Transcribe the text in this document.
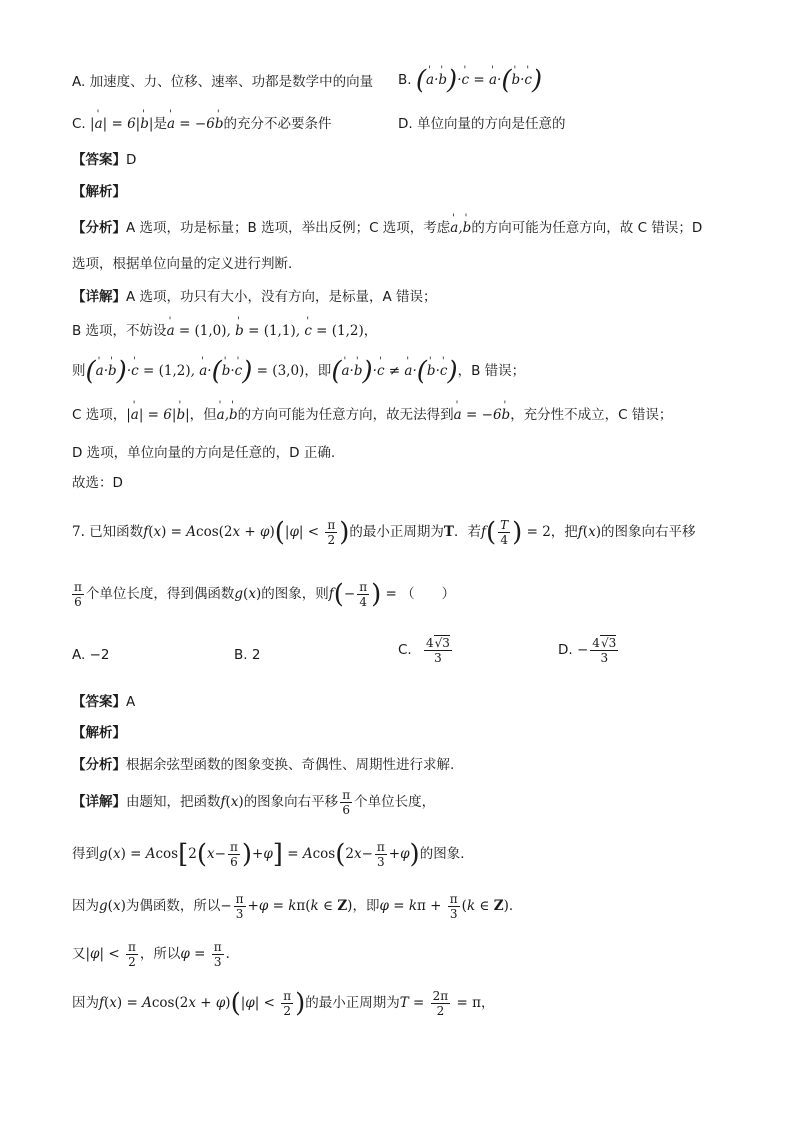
A. 加速度、力、位移、速率、功都是数学中的向量 B. (' a·' b)·' c = ' a·(' b·' c)
C. |' a| = 6|' b|是' a = −6' b的充分不必要条件	D. 单位向量的方向是任意的
【答案】D
【解析】
【分析】A 选项，功是标量；B 选项，举出反例；C 选项，考虑' a,' b的方向可能为任意方向，故 C 错误；D
选项，根据单位向量的定义进行判断.
【详解】A 选项，功只有大小，没有方向，是标量，A 错误；
B 选项，不妨设' a = (1,0), ' b = (1,1), ' c = (1,2)，
则(' a·' b)·' c = (1,2), ' a·(' b·' c) = (3,0)，即(' a·' b)·' c ≠ ' a·(' b·' c)，B 错误；
C 选项，|' a| = 6|' b|，但' a,' b的方向可能为任意方向，故无法得到' a = −6' b，充分性不成立，C 错误；
D 选项，单位向量的方向是任意的，D 正确.
故选：D
7. 已知函数$f(x) = Acos(2x + \varphi)(|\varphi| < \frac{\pi}{2}$ )的最小正周期为T．若$f( \frac{T}{4}$ ) = 2，把f(x)的图象向右平移
$\frac{\pi}{6}$ 个单位长度，得到偶函数g(x)的图象，则$f(- \frac{\pi}{4}$ ) = （　　）
A. −2	B. 2	C. $\frac{4√3}{3}$	D. − $\frac{4√3}{3}$
【答案】A
【解析】
【分析】根据余弦型函数的图象变换、奇偶性、周期性进行求解.
【详解】由题知，把函数f(x)的图象向右平移 $\frac{\pi}{6}$ 个单位长度，
得到$g(x) = Acos[2(x- \frac{\pi}{6} )+\varphi] = Acos(2x- \frac{\pi}{3} +\varphi)$的图象．
因为g(x)为偶函数，所以− $\frac{\pi}{3} +\varphi = k\pi(k$ ∈ Z)，即$\varphi = k\pi + \frac{\pi}{3} (k$ ∈ Z)．
又$|\varphi| < \frac{\pi}{2}$ ，所以$\varphi = \frac{\pi}{3}$ ．
因为$f(x) = Acos(2x + \varphi)(|\varphi| < \frac{\pi}{2}$ )的最小正周期为$T = \frac{2\pi}{2} = \pi$，
